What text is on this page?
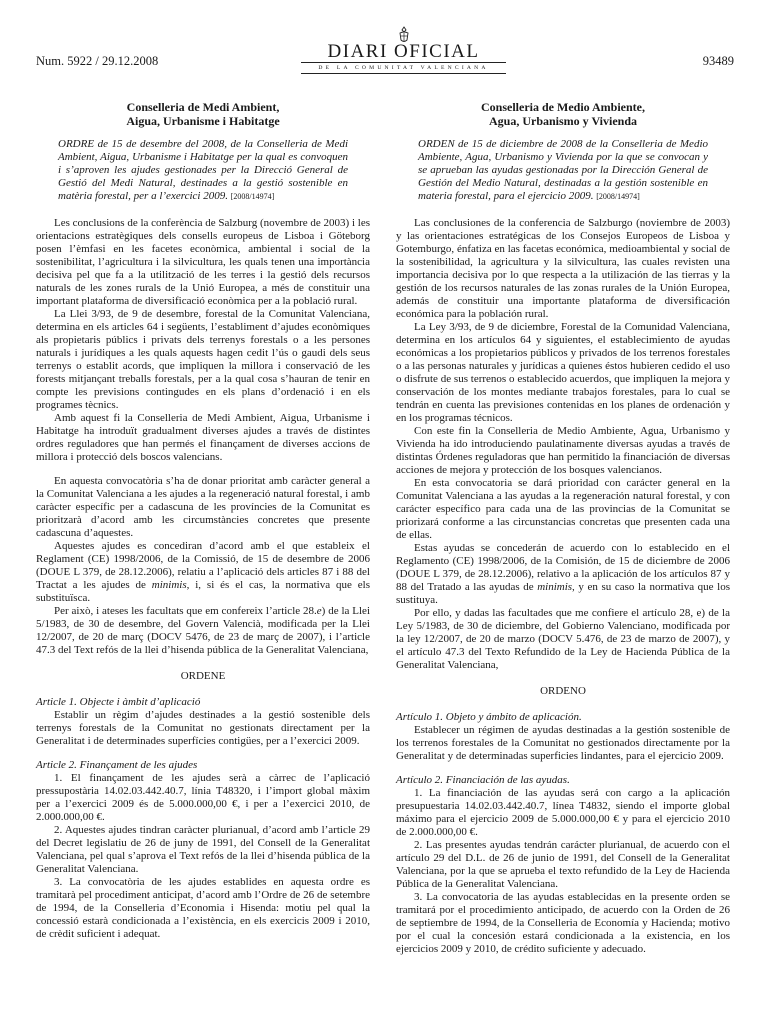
Num. 5922 / 29.12.2008	DIARI OFICIAL
DE LA COMUNITAT VALENCIANA	93489
Conselleria de Medi Ambient,
Aigua, Urbanisme i Habitatge
ORDRE de 15 de desembre del 2008, de la Conselleria de Medi Ambient, Aigua, Urbanisme i Habitatge per la qual es convoquen i s’aproven les ajudes gestionades per la Direcció General de Gestió del Medi Natural, destinades a la gestió sostenible en matèria forestal, per a l’exercici 2009. [2008/14974]

Les conclusions de la conferència de Salzburg (novembre de 2003) i les orientacions estratègiques dels consells europeus de Lisboa i Göteborg posen l’èmfasi en les facetes econòmica, ambiental i social de la sostenibilitat, l’agricultura i la silvicultura, les quals tenen una importància decisiva pel que fa a la utilització de les terres i la gestió dels recursos naturals de les zones rurals de la Unió Europea, a més de constituir una important plataforma de diversificació econòmica per a la població rural.

La Llei 3/93, de 9 de desembre, forestal de la Comunitat Valenciana, determina en els articles 64 i següents, l’establiment d’ajudes econòmiques als propietaris públics i privats dels terrenys forestals o a les persones naturals i jurídiques a les quals aquests hagen cedit l’ús o gaudi dels seus terrenys o establit acords, que impliquen la millora i conservació de les forests mitjançant treballs forestals, per a la qual cosa s’hauran de tenir en compte les previsions contingudes en els plans d’ordenació i en els programes tècnics.

Amb aquest fi la Conselleria de Medi Ambient, Aigua, Urbanisme i Habitatge ha introduït gradualment diverses ajudes a través de distintes ordres reguladores que han permés el finançament de diverses accions de millora i protecció dels boscos valencians.

En aquesta convocatòria s’ha de donar prioritat amb caràcter general a la Comunitat Valenciana a les ajudes a la regeneració natural forestal, i amb caràcter específic per a cadascuna de les províncies de la Comunitat es prioritzarà d’acord amb les circumstàncies concretes que presente cadascuna d’aquestes.

Aquestes ajudes es concediran d’acord amb el que estableix el Reglament (CE) 1998/2006, de la Comissió, de 15 de desembre de 2006 (DOUE L 379, de 28.12.2006), relatiu a l’aplicació dels articles 87 i 88 del Tractat a les ajudes de minimis, i, si és el cas, la normativa que els substituïsca.

Per això, i ateses les facultats que em confereix l’article 28.e) de la Llei 5/1983, de 30 de desembre, del Govern Valencià, modificada per la Llei 12/2007, de 20 de març (DOCV 5476, de 23 de març de 2007), i l’article 47.3 del Text refós de la llei d’hisenda pública de la Generalitat Valenciana,

ORDENE

Article 1. Objecte i àmbit d’aplicació

Establir un règim d’ajudes destinades a la gestió sostenible dels terrenys forestals de la Comunitat no gestionats directament per la Generalitat i de determinades superfícies contigües, per a l’exercici 2009.

Article 2. Finançament de les ajudes

1. El finançament de les ajudes serà a càrrec de l’aplicació pressupostària 14.02.03.442.40.7, línia T48320, i l’import global màxim per a l’exercici 2009 és de 5.000.000,00 €, i per a l’exercici 2010, de 2.000.000,00 €.

2. Aquestes ajudes tindran caràcter plurianual, d’acord amb l’article 29 del Decret legislatiu de 26 de juny de 1991, del Consell de la Generalitat Valenciana, pel qual s’aprova el Text refós de la llei d’hisenda pública de la Generalitat Valenciana.

3. La convocatòria de les ajudes establides en aquesta ordre es tramitarà pel procediment anticipat, d’acord amb l’Ordre de 26 de setembre de 1994, de la Conselleria d’Economia i Hisenda: motiu pel qual la concessió estarà condicionada a l’existència, en els exercicis 2009 i 2010, de crèdit suficient i adequat.

Conselleria de Medio Ambiente,
Agua, Urbanismo y Vivienda
ORDEN de 15 de diciembre de 2008 de la Conselleria de Medio Ambiente, Agua, Urbanismo y Vivienda por la que se convocan y se aprueban las ayudas gestionadas por la Dirección General de Gestión del Medio Natural, destinadas a la gestión sostenible en materia forestal, para el ejercicio 2009. [2008/14974]

Las conclusiones de la conferencia de Salzburgo (noviembre de 2003) y las orientaciones estratégicas de los Consejos Europeos de Lisboa y Gotemburgo, énfatiza en las facetas económica, medioambiental y social de la sostenibilidad, la agricultura y la silvicultura, las cuales revisten una importancia decisiva por lo que respecta a la utilización de las tierras y la gestión de los recursos naturales de las zonas rurales de la Unión Europea, además de constituir una importante plataforma de diversificación económica para la población rural.

La Ley 3/93, de 9 de diciembre, Forestal de la Comunidad Valenciana, determina en los artículos 64 y siguientes, el establecimiento de ayudas económicas a los propietarios públicos y privados de los terrenos forestales o a las personas naturales y jurídicas a quienes éstos hubieren cedido el uso o disfrute de sus terrenos o establecido acuerdos, que impliquen la mejora y conservación de los montes mediante trabajos forestales, para lo cual se tendrán en cuenta las previsiones contenidas en los planes de ordenación y en los programas técnicos.

Con este fin la Conselleria de Medio Ambiente, Agua, Urbanismo y Vivienda ha ido introduciendo paulatinamente diversas ayudas a través de distintas Órdenes reguladoras que han permitido la financiación de diversas acciones de mejora y protección de los bosques valencianos.

En esta convocatoria se dará prioridad con carácter general en la Comunitat Valenciana a las ayudas a la regeneración natural forestal, y con carácter específico para cada una de las provincias de la Comunitat se priorizará conforme a las circunstancias concretas que presenten cada una de ellas.

Estas ayudas se concederán de acuerdo con lo establecido en el Reglamento (CE) 1998/2006, de la Comisión, de 15 de diciembre de 2006 (DOUE L 379, de 28.12.2006), relativo a la aplicación de los artículos 87 y 88 del Tratado a las ayudas de minimis, y en su caso la normativa que los sustituya.

Por ello, y dadas las facultades que me confiere el artículo 28, e) de la Ley 5/1983, de 30 de diciembre, del Gobierno Valenciano, modificada por la ley 12/2007, de 20 de marzo (DOCV 5.476, de 23 de marzo de 2007), y el artículo 47.3 del Texto Refundido de la Ley de Hacienda Pública de la Generalitat Valenciana,

ORDENO

Artículo 1. Objeto y ámbito de aplicación.

Establecer un régimen de ayudas destinadas a la gestión sostenible de los terrenos forestales de la Comunitat no gestionados directamente por la Generalitat y de determinadas superficies lindantes, para el ejercicio 2009.

Artículo 2. Financiación de las ayudas.

1. La financiación de las ayudas será con cargo a la aplicación presupuestaria 14.02.03.442.40.7, línea T4832, siendo el importe global máximo para el ejercicio 2009 de 5.000.000,00 € y para el ejercicio 2010 de 2.000.000,00 €.

2. Las presentes ayudas tendrán carácter plurianual, de acuerdo con el artículo 29 del D.L. de 26 de junio de 1991, del Consell de la Generalitat Valenciana, por la que se aprueba el texto refundido de la Ley de Hacienda Pública de la Generalitat Valenciana.

3. La convocatoria de las ayudas establecidas en la presente orden se tramitará por el procedimiento anticipado, de acuerdo con la Orden de 26 de septiembre de 1994, de la Conselleria de Economía y Hacienda; motivo por el cual la concesión estará condicionada a la existencia, en los ejercicios 2009 y 2010, de crédito suficiente y adecuado.
